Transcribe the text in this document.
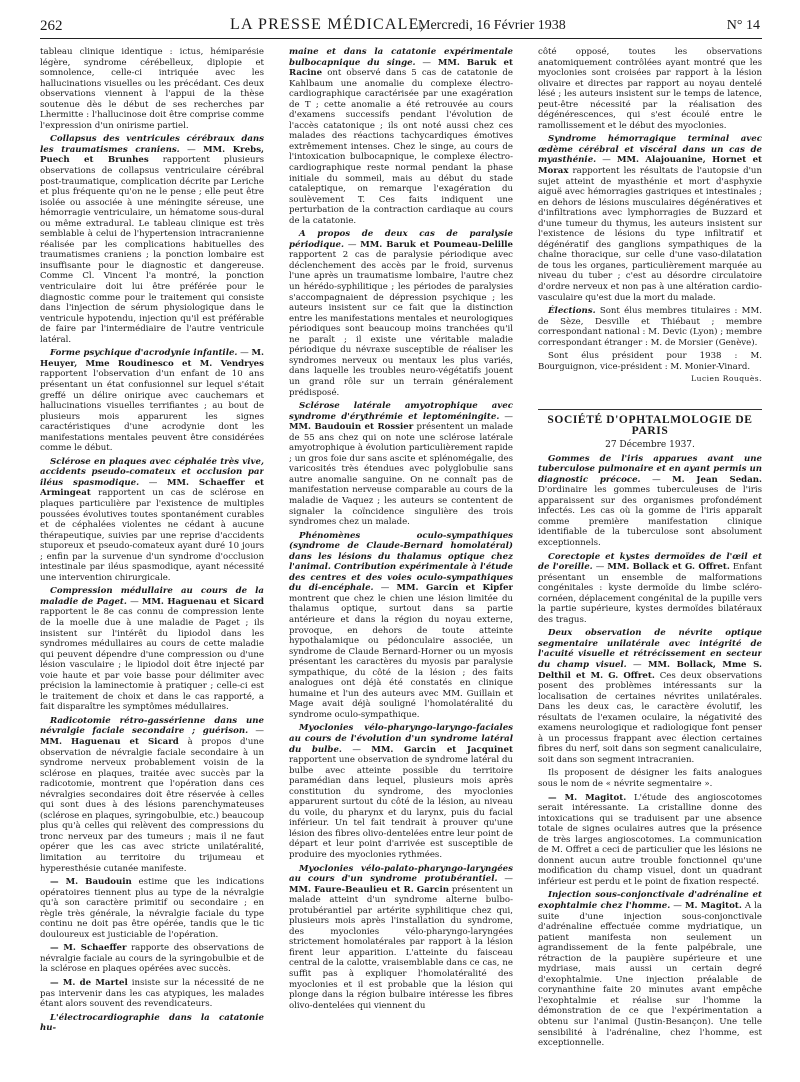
262	LA PRESSE MÉDICALE,
Mercredi, 16 Février 1938	N° 14

tableau clinique identique : ictus, hémiparésie légère, syndrome cérébelleux, diplopie et somnolence, celle-ci intriquée avec les hallucinations visuelles ou les précédant. Ces deux observations viennent à l'appui de la thèse soutenue dès le début de ses recherches par Lhermitte : l'hallucinose doit être comprise comme l'expression d'un onirisme partiel.

Collapsus des ventricules cérébraux dans les traumatismes craniens. — MM. Krebs, Puech et Brunhes rapportent plusieurs observations de collapsus ventriculaire cérébral post-traumatique, complication décrite par Leriche et plus fréquente qu'on ne le pense ; elle peut être isolée ou associée à une méningite séreuse, une hémorragie ventriculaire, un hématome sous-dural ou même extradural. Le tableau clinique est très semblable à celui de l'hypertension intracranienne réalisée par les complications habituelles des traumatismes craniens ; la ponction lombaire est insuffisante pour le diagnostic et dangereuse. Comme Cl. Vincent l'a montré, la ponction ventriculaire doit lui être préférée pour le diagnostic comme pour le traitement qui consiste dans l'injection de sérum physiologique dans le ventricule hypotendu, injection qu'il est préférable de faire par l'intermédiaire de l'autre ventricule latéral.

Forme psychique d'acrodynie infantile. — M. Heuyer, Mme Roudinesco et M. Vendryes rapportent l'observation d'un enfant de 10 ans présentant un état confusionnel sur lequel s'était greffé un délire onirique avec cauchemars et hallucinations visuelles terrifiantes ; au bout de plusieurs mois apparurent les signes caractéristiques d'une acrodynie dont les manifestations mentales peuvent être considérées comme le début.

Sclérose en plaques avec céphalée très vive, accidents pseudo-comateux et occlusion par iléus spasmodique. — MM. Schaeffer et Armingeat rapportent un cas de sclérose en plaques particulière par l'existence de multiples poussées évolutives toutes spontanément curables et de céphalées violentes ne cédant à aucune thérapeutique, suivies par une reprise d'accidents stuporeux et pseudo-comateux ayant duré 10 jours ; enfin par la survenue d'un syndrome d'occlusion intestinale par iléus spasmodique, ayant nécessité une intervention chirurgicale.

Compression médullaire au cours de la maladie de Paget. — MM. Haguenau et Sicard rapportent le 8e cas connu de compression lente de la moelle due à une maladie de Paget ; ils insistent sur l'intérêt du lipiodol dans les syndromes médullaires au cours de cette maladie qui peuvent dépendre d'une compression ou d'une lésion vasculaire ; le lipiodol doit être injecté par voie haute et par voie basse pour délimiter avec précision la laminectomie à pratiquer ; celle-ci est le traitement de choix et dans le cas rapporté, a fait disparaître les symptômes médullaires.

Radicotomie rétro-gassérienne dans une névralgie faciale secondaire ; guérison. — MM. Haguenau et Sicard à propos d'une observation de névralgie faciale secondaire à un syndrome nerveux probablement voisin de la sclérose en plaques, traitée avec succès par la radicotomie, montrent que l'opération dans ces névralgies secondaires doit être réservée à celles qui sont dues à des lésions parenchymateuses (sclérose en plaques, syringobulbie, etc.) beaucoup plus qu'à celles qui relèvent des compressions du tronc nerveux par des tumeurs ; mais il ne faut opérer que les cas avec stricte unilatéralité, limitation au territoire du trijumeau et hyperesthésie cutanée manifeste.

— M. Baudouin estime que les indications opératoires tiennent plus au type de la névralgie qu'à son caractère primitif ou secondaire ; en règle très générale, la névralgie faciale du type continu ne doit pas être opérée, tandis que le tic douloureux est justiciable de l'opération.

— M. Schaeffer rapporte des observations de névralgie faciale au cours de la syringobulbie et de la sclérose en plaques opérées avec succès.

— M. de Martel insiste sur la nécessité de ne pas intervenir dans les cas atypiques, les malades étant alors souvent des revendicateurs.

L'électrocardiographie dans la catatonie hu-

maine et dans la catatonie expérimentale bulbocapnique du singe. — MM. Baruk et Racine ont observé dans 5 cas de catatonie de Kahlbaum une anomalie du complexe électro-cardiographique caractérisée par une exagération de T ; cette anomalie a été retrouvée au cours d'examens successifs pendant l'évolution de l'accès catatonique ; ils ont noté aussi chez ces malades des réactions tachycardiques émotives extrêmement intenses. Chez le singe, au cours de l'intoxication bulbocapnique, le complexe électro-cardiographique reste normal pendant la phase initiale du sommeil, mais au début du stade cataleptique, on remarque l'exagération du soulèvement T. Ces faits indiquent une perturbation de la contraction cardiaque au cours de la catatonie.

A propos de deux cas de paralysie périodique. — MM. Baruk et Poumeau-Delille rapportent 2 cas de paralysie périodique avec déclenchement des accès par le froid, survenus l'une après un traumatisme lombaire, l'autre chez un hérédo-syphilitique ; les périodes de paralysies s'accompagnaient de dépression psychique ; les auteurs insistent sur ce fait que la distinction entre les manifestations mentales et neurologiques périodiques sont beaucoup moins tranchées qu'il ne paraît ; il existe une véritable maladie périodique du névraxe susceptible de réaliser les syndromes nerveux ou mentaux les plus variés, dans laquelle les troubles neuro-végétatifs jouent un grand rôle sur un terrain généralement prédisposé.

Sclérose latérale amyotrophique avec syndrome d'érythrémie et leptoméningite. — MM. Baudouin et Rossier présentent un malade de 55 ans chez qui on note une sclérose latérale amyotrophique à évolution particulièrement rapide ; un gros foie dur sans ascite et splénomégalie, des varicosités très étendues avec polyglobulie sans autre anomalie sanguine. On ne connaît pas de manifestation nerveuse comparable au cours de la maladie de Vaquez ; les auteurs se contentent de signaler la coïncidence singulière des trois syndromes chez un malade.

Phénomènes oculo-sympathiques (syndrome de Claude-Bernard homolatéral) dans les lésions du thalamus optique chez l'animal. Contribution expérimentale à l'étude des centres et des voies oculo-sympathiques du di-encéphale. — MM. Garcin et Kipfer montrent que chez le chien une lésion limitée du thalamus optique, surtout dans sa partie antérieure et dans la région du noyau externe, provoque, en dehors de toute atteinte hypothalamique ou pédonculaire associée, un syndrome de Claude Bernard-Horner ou un myosis présentant les caractères du myosis par paralysie sympathique, du côté de la lésion ; des faits analogues ont déjà été constatés en clinique humaine et l'un des auteurs avec MM. Guillain et Mage avait déjà souligné l'homolatéralité du syndrome oculo-sympathique.

Myoclonies vélo-pharyngo-laryngo-faciales au cours de l'évolution d'un syndrome latéral du bulbe. — MM. Garcin et Jacquinet rapportent une observation de syndrome latéral du bulbe avec atteinte possible du territoire paramédian dans lequel, plusieurs mois après constitution du syndrome, des myoclonies apparurent surtout du côté de la lésion, au niveau du voile, du pharynx et du larynx, puis du facial inférieur. Un tel fait tendrait à prouver qu'une lésion des fibres olivo-dentelées entre leur point de départ et leur point d'arrivée est susceptible de produire des myoclonies rythmées.

Myoclonies vélo-palato-pharyngo-laryngées au cours d'un syndrome protubérantiel. — MM. Faure-Beaulieu et R. Garcin présentent un malade atteint d'un syndrome alterne bulbo-protubérantiel par artérite syphilitique chez qui, plusieurs mois après l'installation du syndrome, des myoclonies vélo-pharyngo-laryngées strictement homolatérales par rapport à la lésion firent leur apparition. L'atteinte du faisceau central de la calotte, vraisemblable dans ce cas, ne suffit pas à expliquer l'homolatéralité des myoclonies et il est probable que la lésion qui plonge dans la région bulbaire intéresse les fibres olivo-dentelées qui viennent du

côté opposé, toutes les observations anatomiquement contrôlées ayant montré que les myoclonies sont croisées par rapport à la lésion olivaire et directes par rapport au noyau dentelé lésé ; les auteurs insistent sur le temps de latence, peut-être nécessité par la réalisation des dégénérescences, qui s'est écoulé entre le ramollissement et le début des myoclonies.

Syndrome hémorragique terminal avec œdème cérébral et viscéral dans un cas de myasthénie. — MM. Alajouanine, Hornet et Morax rapportent les résultats de l'autopsie d'un sujet atteint de myasthénie et mort d'asphyxie aiguë avec hémorragies gastriques et intestinales ; en dehors de lésions musculaires dégénératives et d'infiltrations avec lymphorragies de Buzzard et d'une tumeur du thymus, les auteurs insistent sur l'existence de lésions du type infiltratif et dégénératif des ganglions sympathiques de la chaîne thoracique, sur celle d'une vaso-dilatation de tous les organes, particulièrement marquée au niveau du tuber ; c'est au désordre circulatoire d'ordre nerveux et non pas à une altération cardio-vasculaire qu'est due la mort du malade.

Élections. Sont élus membres titulaires : MM. de Sèze, Desville et Thiébaut ; membre correspondant national : M. Devic (Lyon) ; membre correspondant étranger : M. de Morsier (Genève).

Sont élus président pour 1938 : M. Bourguignon, vice-président : M. Monier-Vinard.

Lucien Rouquès.
SOCIÉTÉ D'OPHTALMOLOGIE DE PARIS
27 Décembre 1937.

Gommes de l'iris apparues avant une tuberculose pulmonaire et en ayant permis un diagnostic précoce. — M. Jean Sedan. D'ordinaire les gommes tuberculeuses de l'iris apparaissent sur des organismes profondément infectés. Les cas où la gomme de l'iris apparaît comme première manifestation clinique identifiable de la tuberculose sont absolument exceptionnels.

Corectopie et kystes dermoïdes de l'œil et de l'oreille. — MM. Bollack et G. Offret. Enfant présentant un ensemble de malformations congénitales : kyste dermoïde du limbe scléro-cornéen, déplacement congénital de la pupille vers la partie supérieure, kystes dermoïdes bilatéraux des tragus.

Deux observation de névrite optique segmentaire unilatérale avec intégrité de l'acuité visuelle et rétrécissement en secteur du champ visuel. — MM. Bollack, Mme S. Delthil et M. G. Offret. Ces deux observations posent des problèmes intéressants sur la localisation de certaines névrites unilatérales. Dans les deux cas, le caractère évolutif, les résultats de l'examen oculaire, la négativité des examens neurologique et radiologique font penser à un processus frappant avec élection certaines fibres du nerf, soit dans son segment canaliculaire, soit dans son segment intracranien.

Ils proposent de désigner les faits analogues sous le nom de « névrite segmentaire ».

— M. Magitot. L'étude des angioscotomes serait intéressante. La cristalline donne des intoxications qui se traduisent par une absence totale de signes oculaires autres que la présence de très larges angioscotomes. La communication de M. Offret a ceci de particulier que les lésions ne donnent aucun autre trouble fonctionnel qu'une modification du champ visuel, dont un quadrant inférieur est perdu et le point de fixation respecté.

Injection sous-conjonctivale d'adrénaline et exophtalmie chez l'homme. — M. Magitot. A la suite d'une injection sous-conjonctivale d'adrénaline effectuée comme mydriatique, un patient manifesta non seulement un agrandissement de la fente palpébrale, une rétraction de la paupière supérieure et une mydriase, mais aussi un certain degré d'exophtalmie. Une injection préalable de corynanthine faite 20 minutes avant empêche l'exophtalmie et réalise sur l'homme la démonstration de ce que l'expérimentation a obtenu sur l'animal (Justin-Besançon). Une telle sensibilité à l'adrénaline, chez l'homme, est exceptionnelle.
